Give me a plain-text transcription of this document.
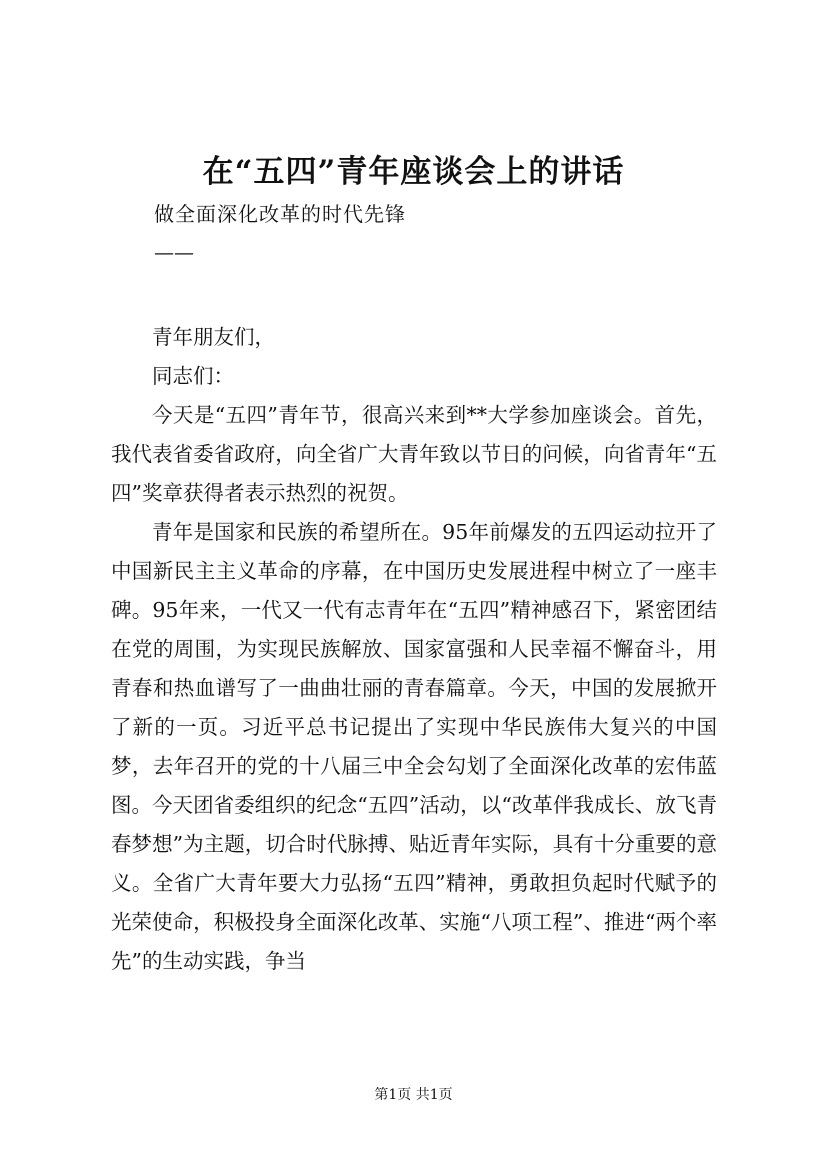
在“五四”青年座谈会上的讲话
做全面深化改革的时代先锋
——

青年朋友们，

同志们：

今天是“五四”青年节，很高兴来到**大学参加座谈会。首先，我代表省委省政府，向全省广大青年致以节日的问候，向省青年“五四”奖章获得者表示热烈的祝贺。

青年是国家和民族的希望所在。95年前爆发的五四运动拉开了中国新民主主义革命的序幕，在中国历史发展进程中树立了一座丰碑。95年来，一代又一代有志青年在“五四”精神感召下，紧密团结在党的周围，为实现民族解放、国家富强和人民幸福不懈奋斗，用青春和热血谱写了一曲曲壮丽的青春篇章。今天，中国的发展掀开了新的一页。习近平总书记提出了实现中华民族伟大复兴的中国梦，去年召开的党的十八届三中全会勾划了全面深化改革的宏伟蓝图。今天团省委组织的纪念“五四”活动，以“改革伴我成长、放飞青春梦想”为主题，切合时代脉搏、贴近青年实际，具有十分重要的意义。全省广大青年要大力弘扬“五四”精神，勇敢担负起时代赋予的光荣使命，积极投身全面深化改革、实施“八项工程”、推进“两个率先”的生动实践，争当

第1页 共1页
